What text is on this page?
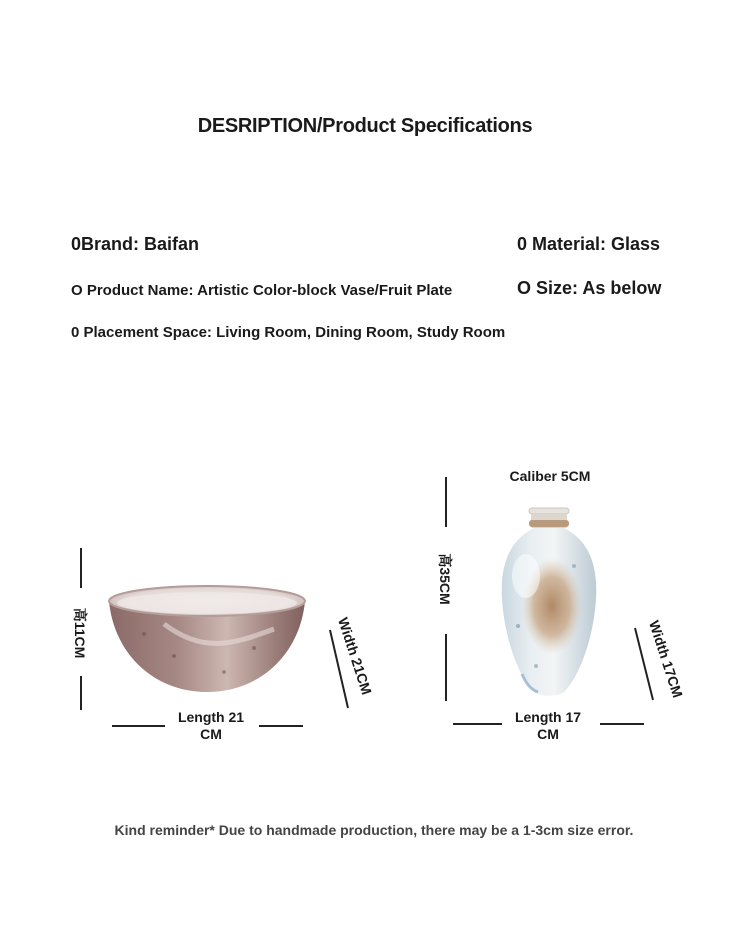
DESRIPTION/Product Specifications
0Brand: Baifan	0 Material: Glass
O Product Name: Artistic Color-block Vase/Fruit Plate	O Size: As below
0 Placement Space: Living Room, Dining Room, Study Room
高11CM	Width 21CM
Length 21
CM
Caliber 5CM
高35CM
Width 17CM
Length 17
CM
Kind reminder* Due to handmade production, there may be a 1-3cm size error.
